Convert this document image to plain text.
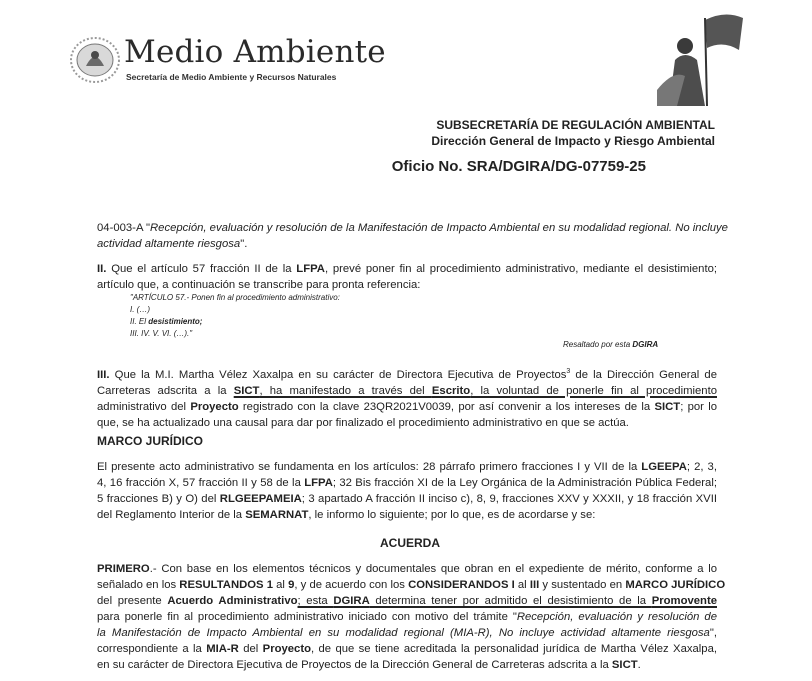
Medio Ambiente
Secretaría de Medio Ambiente y Recursos Naturales
SUBSECRETARÍA DE REGULACIÓN AMBIENTAL
Dirección General de Impacto y Riesgo Ambiental
Oficio No. SRA/DGIRA/DG-07759-25
04-003-A "Recepción, evaluación y resolución de la Manifestación de Impacto Ambiental en su modalidad regional. No incluye
actividad altamente riesgosa".
II. Que el artículo 57 fracción II de la LFPA, prevé poner fin al procedimiento administrativo, mediante el desistimiento;
artículo que, a continuación se transcribe para pronta referencia:
"ARTÍCULO 57.- Ponen fin al procedimiento administrativo:
I. (…)
II. El desistimiento;
III. IV. V. VI. (…)."
Resaltado por esta DGIRA
III. Que la M.I. Martha Vélez Xaxalpa en su carácter de Directora Ejecutiva de Proyectos$^3$ de la Dirección General de
Carreteras adscrita a la SICT, ha manifestado a través del Escrito, la voluntad de ponerle fin al procedimiento
administrativo del Proyecto registrado con la clave 23QR2021V0039, por así convenir a los intereses de la SICT; por lo
que, se ha actualizado una causal para dar por finalizado el procedimiento administrativo en que se actúa.
MARCO JURÍDICO
El presente acto administrativo se fundamenta en los artículos: 28 párrafo primero fracciones I y VII de la LGEEPA; 2, 3,
4, 16 fracción X, 57 fracción II y 58 de la LFPA; 32 Bis fracción XI de la Ley Orgánica de la Administración Pública Federal;
5 fracciones B) y O) del RLGEEPAMEIA; 3 apartado A fracción II inciso c), 8, 9, fracciones XXV y XXXII, y 18 fracción XVII
del Reglamento Interior de la SEMARNAT, le informo lo siguiente; por lo que, es de acordarse y se:
ACUERDA
PRIMERO.- Con base en los elementos técnicos y documentales que obran en el expediente de mérito, conforme a lo
señalado en los RESULTANDOS 1 al 9, y de acuerdo con los CONSIDERANDOS I al III y sustentado en MARCO JURÍDICO
del presente Acuerdo Administrativo; esta DGIRA determina tener por admitido el desistimiento de la Promovente
para ponerle fin al procedimiento administrativo iniciado con motivo del trámite "Recepción, evaluación y resolución de
la Manifestación de Impacto Ambiental en su modalidad regional (MIA-R), No incluye actividad altamente riesgosa",
correspondiente a la MIA-R del Proyecto, de que se tiene acreditada la personalidad jurídica de Martha Vélez Xaxalpa,
en su carácter de Directora Ejecutiva de Proyectos de la Dirección General de Carreteras adscrita a la SICT.
